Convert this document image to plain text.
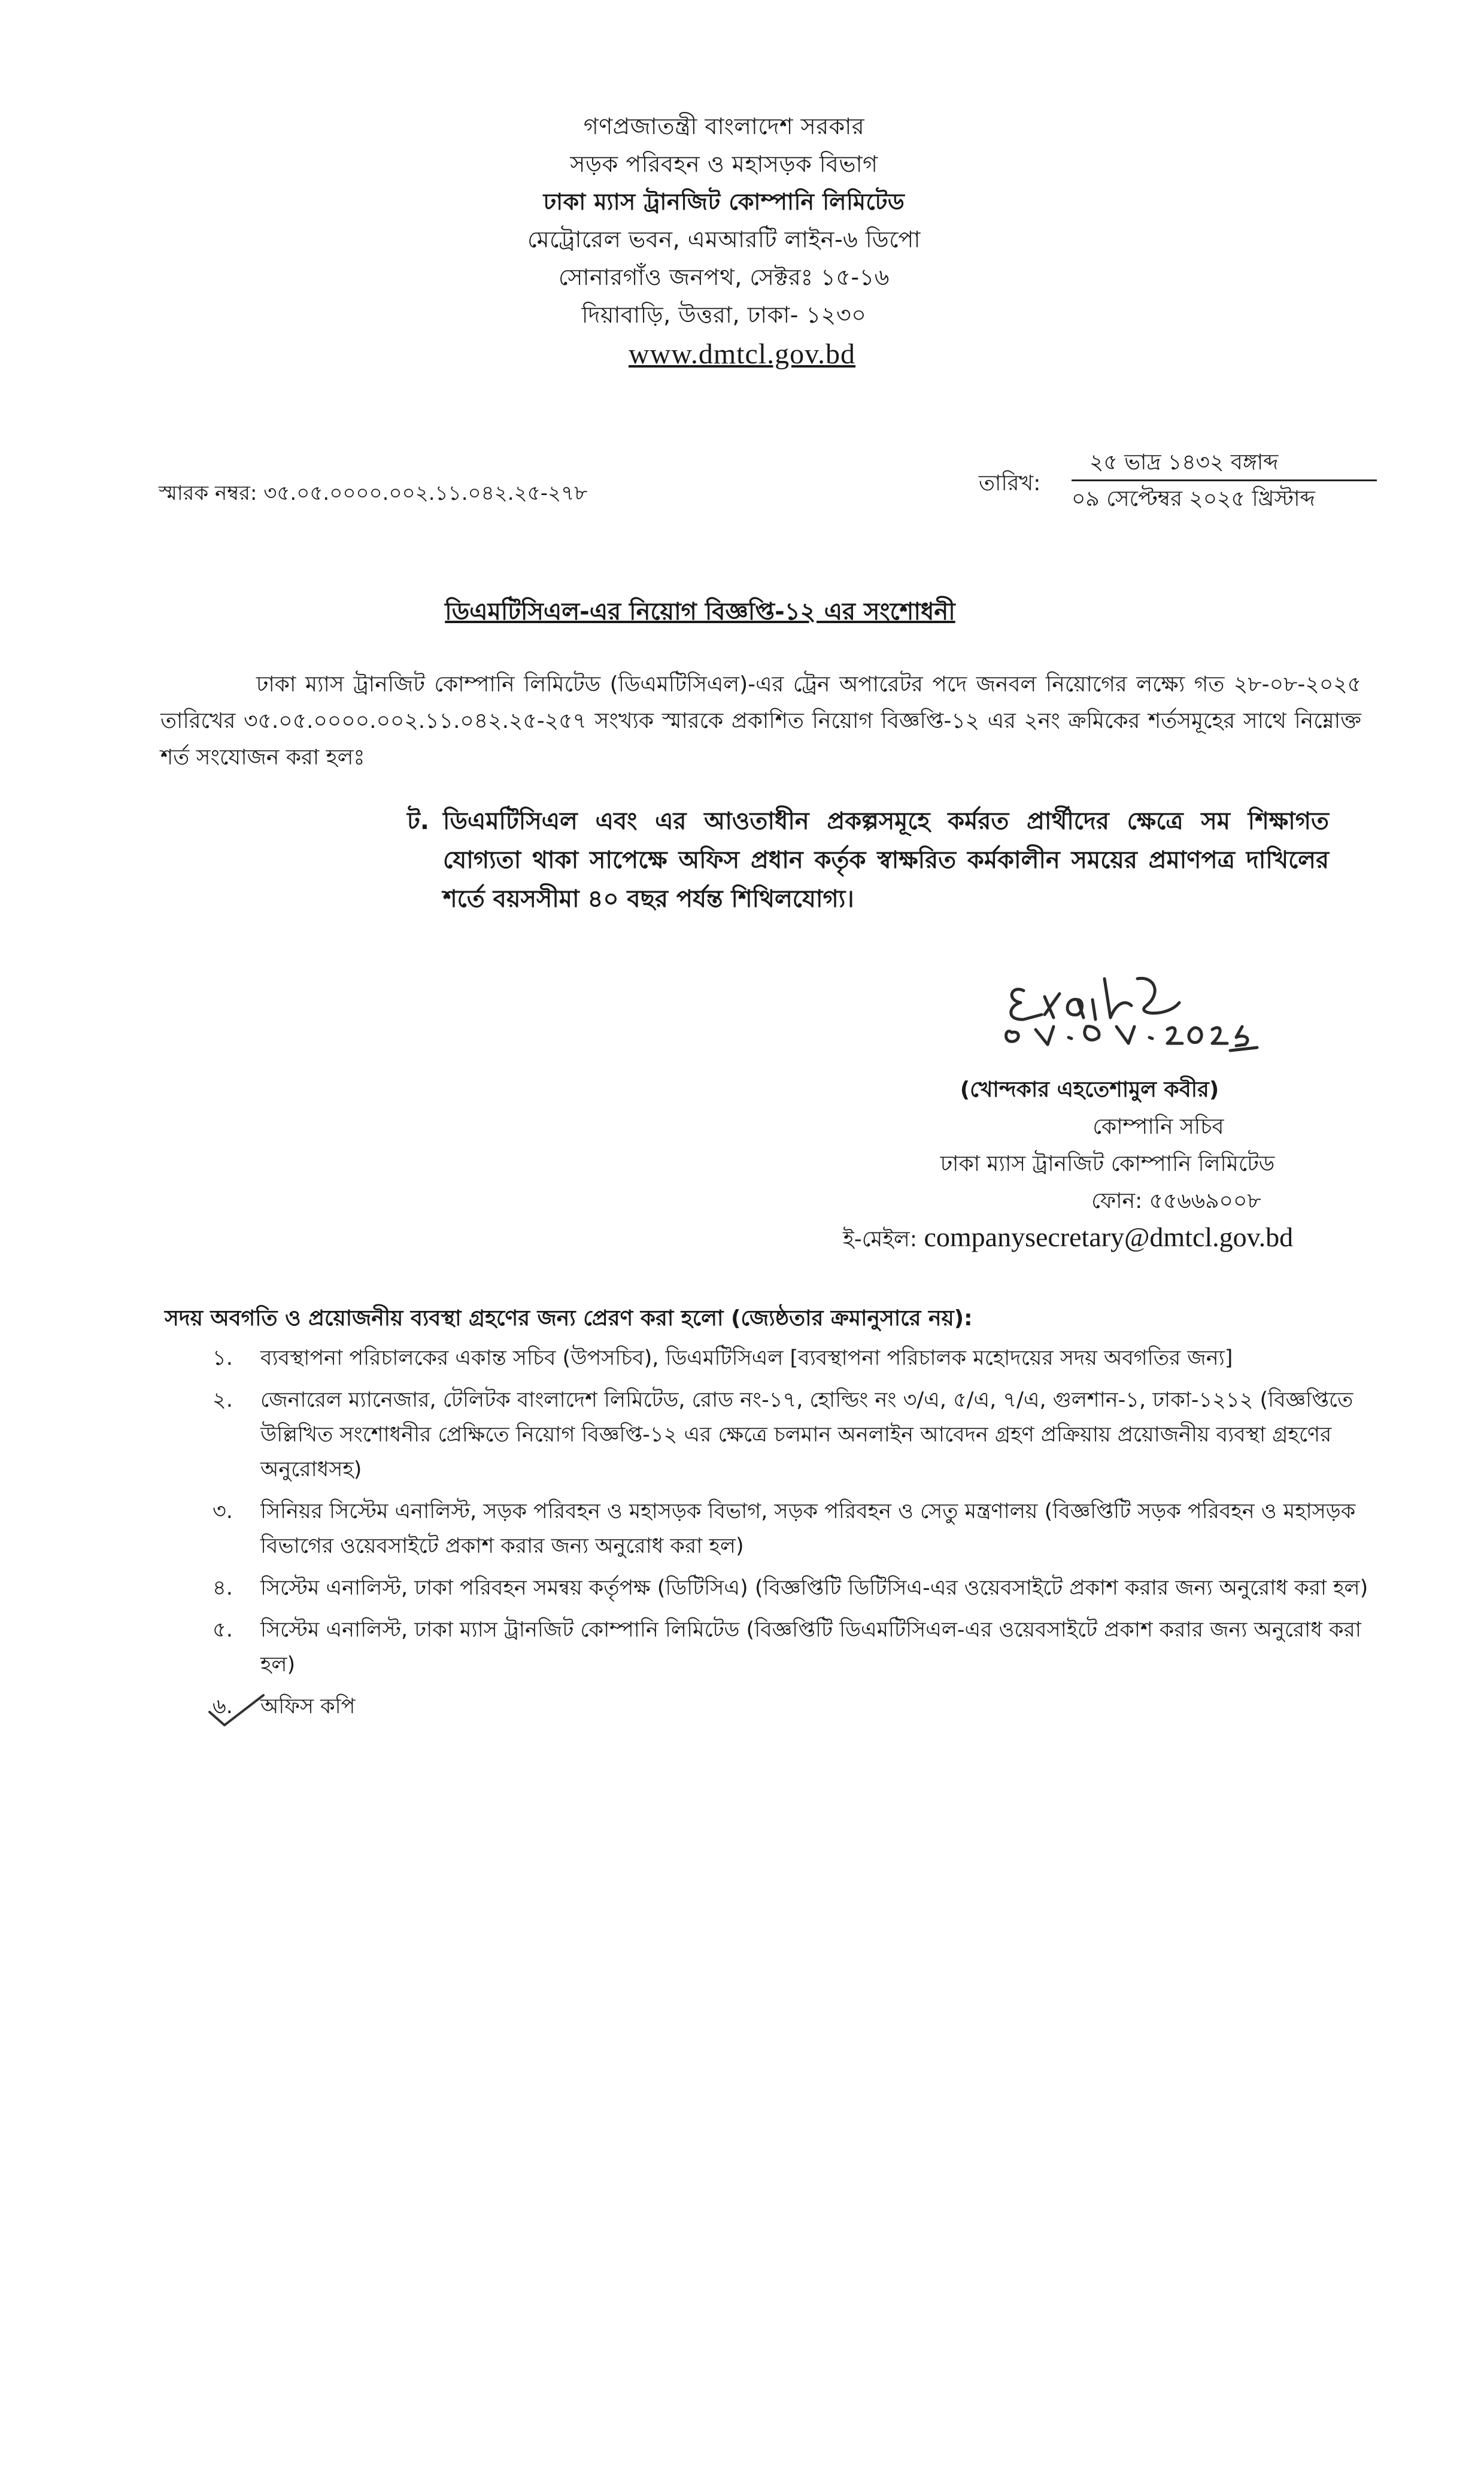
গণপ্রজাতন্ত্রী বাংলাদেশ সরকার
সড়ক পরিবহন ও মহাসড়ক বিভাগ
ঢাকা ম্যাস ট্রানজিট কোম্পানি লিমিটেড
মেট্রোরেল ভবন, এমআরটি লাইন-৬ ডিপো
সোনারগাঁও জনপথ, সেক্টরঃ ১৫-১৬
দিয়াবাড়ি, উত্তরা, ঢাকা- ১২৩০
www.dmtcl.gov.bd
স্মারক নম্বর: ৩৫.০৫.০০০০.০০২.১১.০৪২.২৫-২৭৮	তারিখ:
২৫ ভাদ্র ১৪৩২ বঙ্গাব্দ
০৯ সেপ্টেম্বর ২০২৫ খ্রিস্টাব্দ
ডিএমটিসিএল-এর নিয়োগ বিজ্ঞপ্তি-১২ এর সংশোধনী
ঢাকা ম্যাস ট্রানজিট কোম্পানি লিমিটেড (ডিএমটিসিএল)-এর ট্রেন অপারেটর পদে জনবল নিয়োগের লক্ষ্যে গত ২৮-০৮-২০২৫ তারিখের ৩৫.০৫.০০০০.০০২.১১.০৪২.২৫-২৫৭ সংখ্যক স্মারকে প্রকাশিত নিয়োগ বিজ্ঞপ্তি-১২ এর ২নং ক্রমিকের শর্তসমূহের সাথে নিম্নোক্ত শর্ত সংযোজন করা হলঃ
ট. ডিএমটিসিএল এবং এর আওতাধীন প্রকল্পসমূহে কর্মরত প্রার্থীদের ক্ষেত্রে সম শিক্ষাগত যোগ্যতা থাকা সাপেক্ষে অফিস প্রধান কর্তৃক স্বাক্ষরিত কর্মকালীন সময়ের প্রমাণপত্র দাখিলের শর্তে বয়সসীমা ৪০ বছর পর্যন্ত শিথিলযোগ্য।
(খোন্দকার এহতেশামুল কবীর)
কোম্পানি সচিব
ঢাকা ম্যাস ট্রানজিট কোম্পানি লিমিটেড
ফোন: ৫৫৬৬৯০০৮
ই-মেইল: companysecretary@dmtcl.gov.bd
সদয় অবগতি ও প্রয়োজনীয় ব্যবস্থা গ্রহণের জন্য প্রেরণ করা হলো (জ্যেষ্ঠতার ক্রমানুসারে নয়):
১.	ব্যবস্থাপনা পরিচালকের একান্ত সচিব (উপসচিব), ডিএমটিসিএল [ব্যবস্থাপনা পরিচালক মহোদয়ের সদয় অবগতির জন্য]
২.	জেনারেল ম্যানেজার, টেলিটক বাংলাদেশ লিমিটেড, রোড নং-১৭, হোল্ডিং নং ৩/এ, ৫/এ, ৭/এ, গুলশান-১, ঢাকা-১২১২ (বিজ্ঞপ্তিতে উল্লিখিত সংশোধনীর প্রেক্ষিতে নিয়োগ বিজ্ঞপ্তি-১২ এর ক্ষেত্রে চলমান অনলাইন আবেদন গ্রহণ প্রক্রিয়ায় প্রয়োজনীয় ব্যবস্থা গ্রহণের অনুরোধসহ)
৩.	সিনিয়র সিস্টেম এনালিস্ট, সড়ক পরিবহন ও মহাসড়ক বিভাগ, সড়ক পরিবহন ও সেতু মন্ত্রণালয় (বিজ্ঞপ্তিটি সড়ক পরিবহন ও মহাসড়ক বিভাগের ওয়েবসাইটে প্রকাশ করার জন্য অনুরোধ করা হল)
৪.	সিস্টেম এনালিস্ট, ঢাকা পরিবহন সমন্বয় কর্তৃপক্ষ (ডিটিসিএ) (বিজ্ঞপ্তিটি ডিটিসিএ-এর ওয়েবসাইটে প্রকাশ করার জন্য অনুরোধ করা হল)
৫.	সিস্টেম এনালিস্ট, ঢাকা ম্যাস ট্রানজিট কোম্পানি লিমিটেড (বিজ্ঞপ্তিটি ডিএমটিসিএল-এর ওয়েবসাইটে প্রকাশ করার জন্য অনুরোধ করা হল)
৬.	অফিস কপি
